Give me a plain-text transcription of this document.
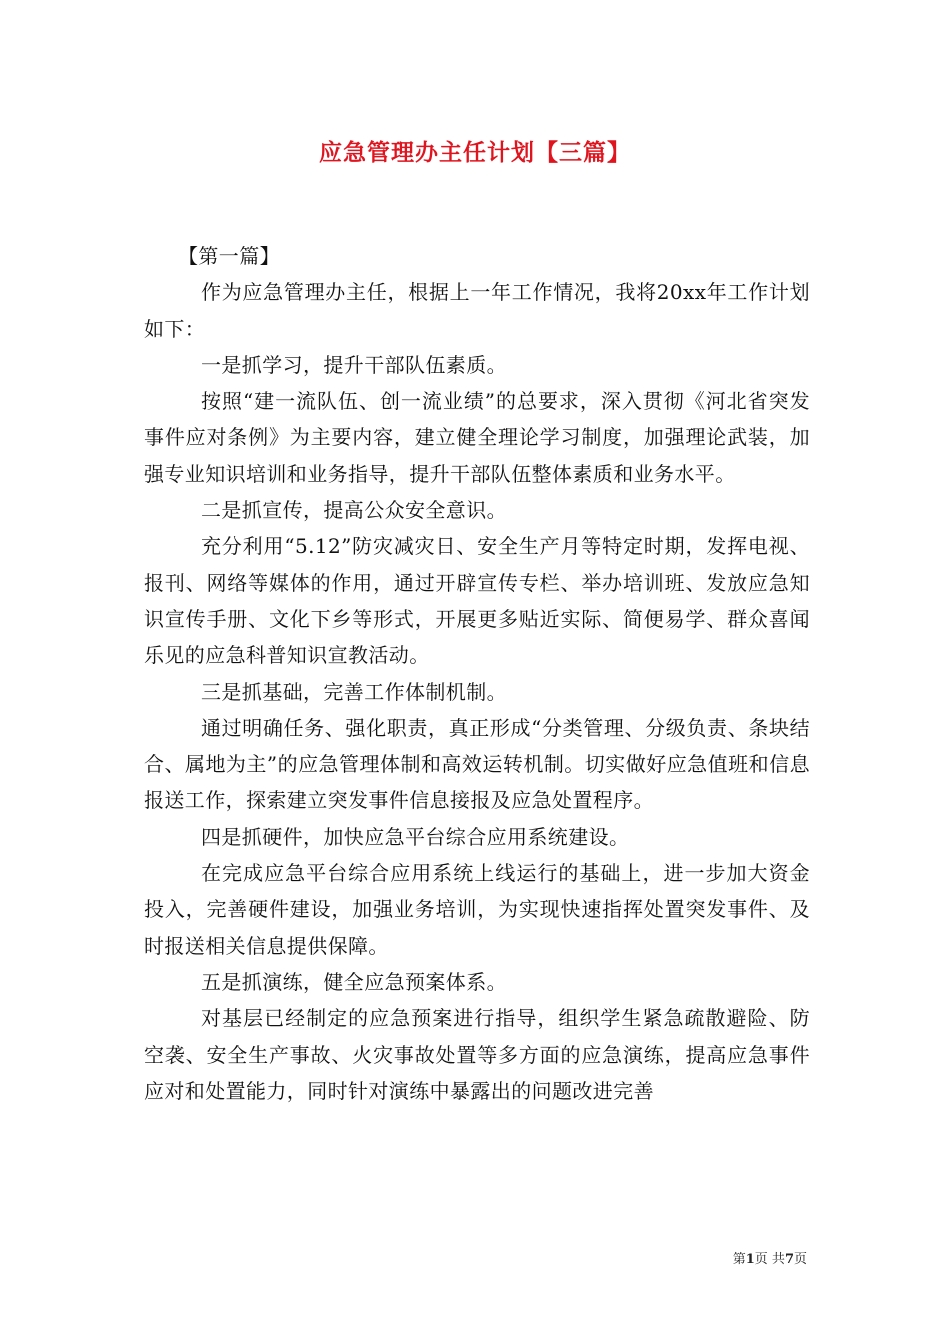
应急管理办主任计划【三篇】

【第一篇】

作为应急管理办主任，根据上一年工作情况，我将20xx年工作计划如下：

一是抓学习，提升干部队伍素质。

按照“建一流队伍、创一流业绩”的总要求，深入贯彻《河北省突发事件应对条例》为主要内容，建立健全理论学习制度，加强理论武装，加强专业知识培训和业务指导，提升干部队伍整体素质和业务水平。

二是抓宣传，提高公众安全意识。

充分利用“5.12”防灾减灾日、安全生产月等特定时期，发挥电视、报刊、网络等媒体的作用，通过开辟宣传专栏、举办培训班、发放应急知识宣传手册、文化下乡等形式，开展更多贴近实际、简便易学、群众喜闻乐见的应急科普知识宣教活动。

三是抓基础，完善工作体制机制。

通过明确任务、强化职责，真正形成“分类管理、分级负责、条块结合、属地为主”的应急管理体制和高效运转机制。切实做好应急值班和信息报送工作，探索建立突发事件信息接报及应急处置程序。

四是抓硬件，加快应急平台综合应用系统建设。

在完成应急平台综合应用系统上线运行的基础上，进一步加大资金投入，完善硬件建设，加强业务培训，为实现快速指挥处置突发事件、及时报送相关信息提供保障。

五是抓演练，健全应急预案体系。

对基层已经制定的应急预案进行指导，组织学生紧急疏散避险、防空袭、安全生产事故、火灾事故处置等多方面的应急演练，提高应急事件应对和处置能力，同时针对演练中暴露出的问题改进完善

第1页 共7页
